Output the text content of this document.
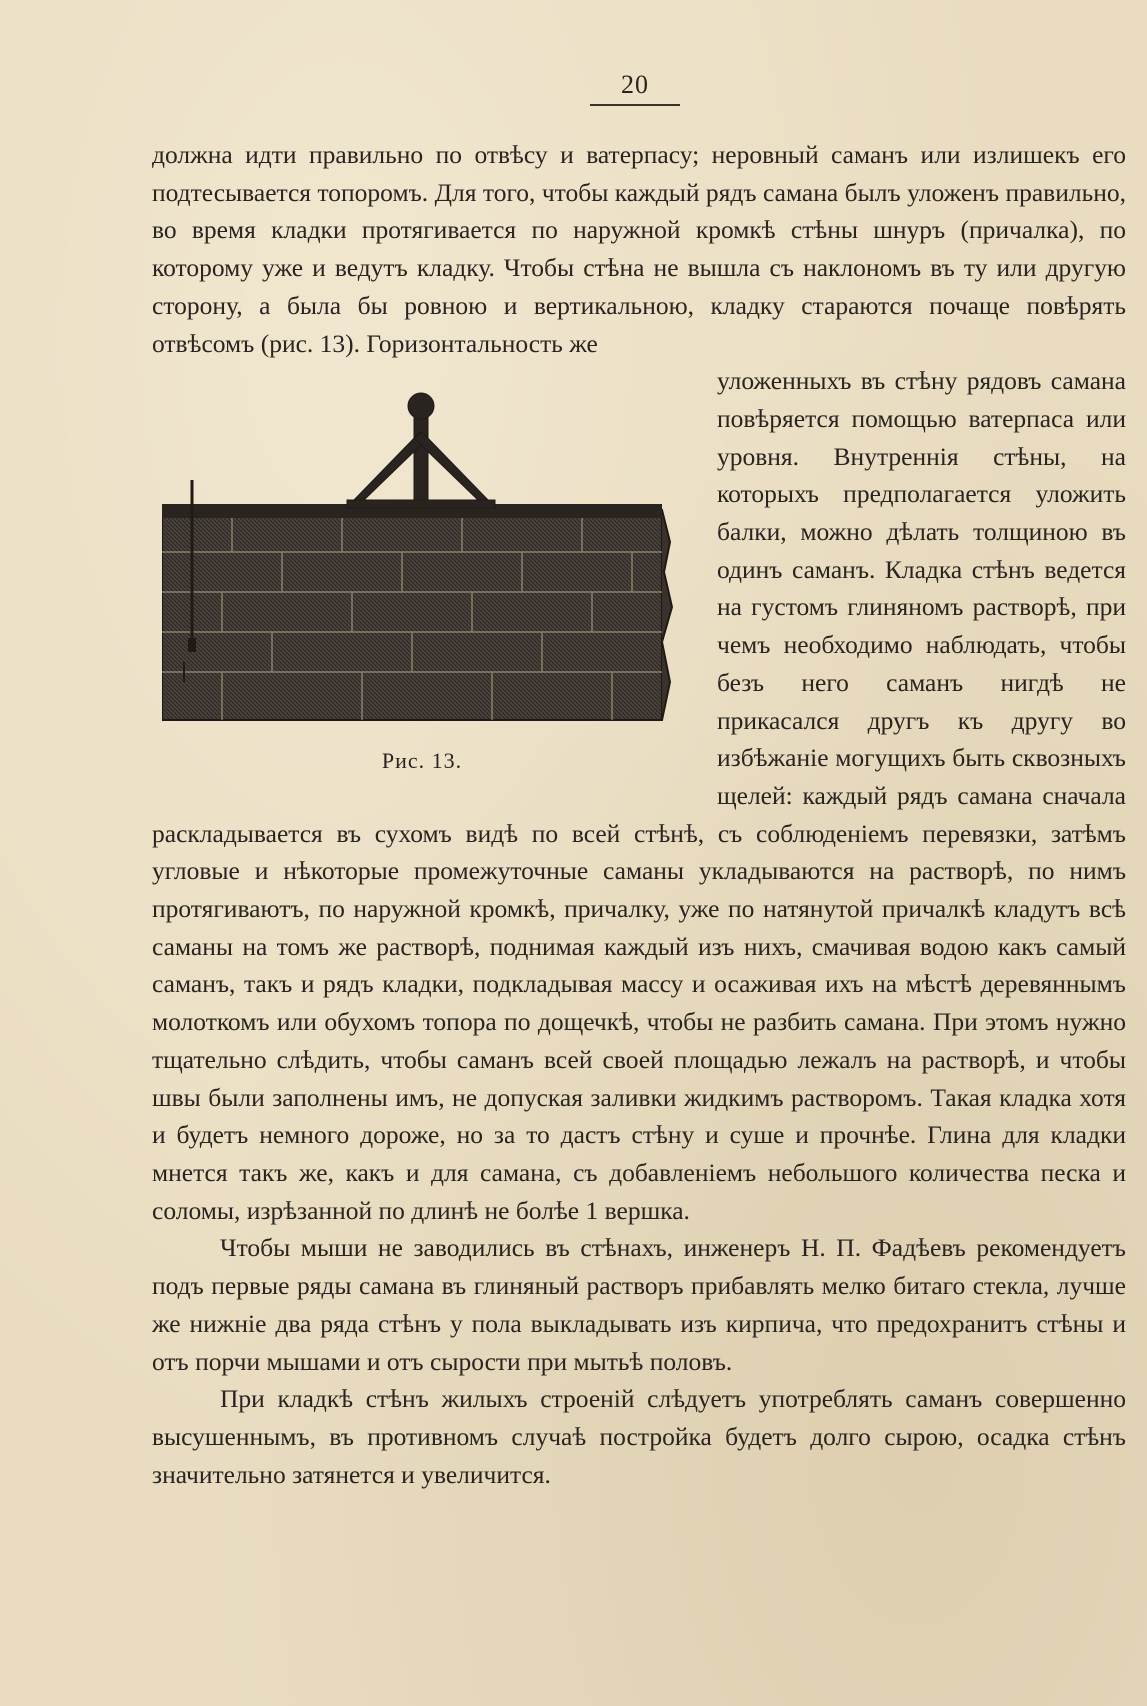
20

должна идти правильно по отвѣсу и ватерпасу; неровный саманъ или излишекъ его подтесывается топоромъ. Для того, чтобы каждый рядъ самана былъ уложенъ правильно, во время кладки протягивается по наружной кромкѣ стѣны шнуръ (причалка), по которому уже и ведутъ кладку. Чтобы стѣна не вышла съ наклономъ въ ту или другую сторону, а была бы ровною и вертикальною, кладку стараются почаще повѣрять отвѣсомъ (рис. 13). Горизонтальность же

Рис. 13.

уложенныхъ въ стѣну рядовъ самана повѣряется помощью ватерпаса или уровня. Внутреннія стѣны, на которыхъ предполагается уложить балки, можно дѣлать толщиною въ одинъ саманъ. Кладка стѣнъ ведется на густомъ глиняномъ растворѣ, при чемъ необходимо наблюдать, чтобы безъ него саманъ нигдѣ не прикасался другъ къ другу во избѣжаніе могущихъ быть сквозныхъ щелей: каждый рядъ самана сначала раскладывается въ сухомъ видѣ по всей стѣнѣ, съ соблюденіемъ перевязки, затѣмъ угловые и нѣкоторые промежуточные саманы укладываются на растворѣ, по нимъ протягиваютъ, по наружной кромкѣ, причалку, уже по натянутой причалкѣ кладутъ всѣ саманы на томъ же растворѣ, поднимая каждый изъ нихъ, смачивая водою какъ самый саманъ, такъ и рядъ кладки, подкладывая массу и осаживая ихъ на мѣстѣ деревяннымъ молоткомъ или обухомъ топора по дощечкѣ, чтобы не разбить самана. При этомъ нужно тщательно слѣдить, чтобы саманъ всей своей площадью лежалъ на растворѣ, и чтобы швы были заполнены имъ, не допуская заливки жидкимъ растворомъ. Такая кладка хотя и будетъ немного дороже, но за то дастъ стѣну и суше и прочнѣе. Глина для кладки мнется такъ же, какъ и для самана, съ добавленіемъ небольшого количества песка и соломы, изрѣзанной по длинѣ не болѣе 1 вершка.

Чтобы мыши не заводились въ стѣнахъ, инженеръ Н. П. Фадѣевъ рекомендуетъ подъ первые ряды самана въ глиняный растворъ прибавлять мелко битаго стекла, лучше же нижніе два ряда стѣнъ у пола выкладывать изъ кирпича, что предохранитъ стѣны и отъ порчи мышами и отъ сырости при мытьѣ половъ.

При кладкѣ стѣнъ жилыхъ строеній слѣдуетъ употреблять саманъ совершенно высушеннымъ, въ противномъ случаѣ постройка будетъ долго сырою, осадка стѣнъ значительно затянется и увеличится.
